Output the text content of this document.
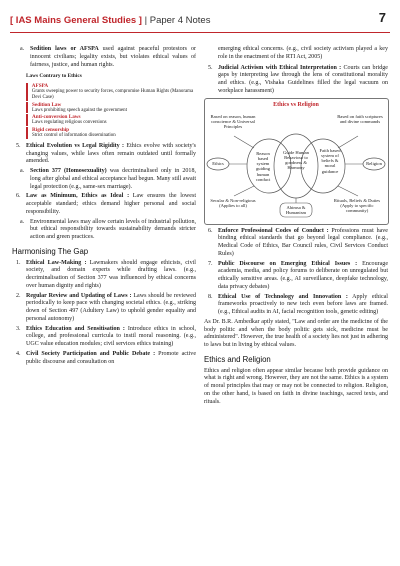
[ IAS Mains General Studies ] | Paper 4 Notes	7
a. Sedition laws or AFSPA used against peaceful protestors or innocent civilians; legality exists, but violates ethical values of fairness, justice, and human rights.
Laws Contrary to Ethics
AFSPA
Grants sweeping power to security forces, compromise Human Rights (Manorama Devi Case)
Sedition Law
Laws prohibiting speech against the government
Anti-conversion Laws
Laws regulating religious conversions
Rigid censorship
Strict control of information dissemination
5. Ethical Evolution vs Legal Rigidity : Ethics evolve with society's changing values, while laws often remain outdated until formally amended.
a. Section 377 (Homosexuality) was decriminalised only in 2018, long after global and ethical acceptance had begun. Many still await legal protection (e.g., same-sex marriage).
6. Law as Minimum, Ethics as Ideal : Law ensures the lowest acceptable standard; ethics demand higher personal and social responsibility.
a. Environmental laws may allow certain levels of industrial pollution, but ethical responsibility towards sustainability demands stricter action and green practices.
Harmonising The Gap
1. Ethical Law-Making : Lawmakers should engage ethicists, civil society, and domain experts while drafting laws. (e.g., decriminalisation of Section 377 was influenced by ethical concerns over human dignity and rights)
2. Regular Review and Updating of Laws : Laws should be reviewed periodically to keep pace with changing societal ethics. (e.g., striking down of Section 497 (Adultery Law) to uphold gender equality and personal autonomy)
3. Ethics Education and Sensitisation : Introduce ethics in school, college, and professional curricula to instil moral reasoning. (e.g., UGC value education modules; civil services ethics training)
4. Civil Society Participation and Public Debate : Promote active public discourse and consultation on

emerging ethical concerns. (e.g., civil society activism played a key role in the enactment of the RTI Act, 2005)

5. Judicial Activism with Ethical Interpretation : Courts can bridge gaps by interpreting law through the lens of constitutional morality and ethics. (e.g., Vishaka Guidelines filled the legal vacuum on workplace harassment)
Ethics vs Religion
Based on reason, human conscience & Universal Principles
Based on faith scriptures and divine commands
Ethics	Religion
Reason based system guiding human conduct
Guide Human Behaviour to goodness & Harmony
Faith based system of beliefs & moral guidance
Ahimsa & Humanism
Secular & Non-religious (Applies to all)
Rituals, Beliefs & Duties (Apply to specific community)
6. Enforce Professional Codes of Conduct : Professions must have binding ethical standards that go beyond legal compliance. (e.g., Medical Code of Ethics, Bar Council rules, Civil Services Conduct Rules)
7. Public Discourse on Emerging Ethical Issues : Encourage academia, media, and policy forums to deliberate on unregulated but ethically sensitive areas. (e.g., AI surveillance, deepfake technology, data privacy debates)
8. Ethical Use of Technology and Innovation : Apply ethical frameworks proactively to new tech even before laws are framed. (e.g., Ethical audits in AI, facial recognition tools, genetic editing)

As Dr. B.R. Ambedkar aptly stated, "Law and order are the medicine of the body politic and when the body politic gets sick, medicine must be administered". However, the true health of a society lies not just in adhering to laws but in living by ethical values.

Ethics and Religion

Ethics and religion often appear similar because both provide guidance on what is right and wrong. However, they are not the same. Ethics is a system of moral principles that may or may not be connected to religion. Religion, on the other hand, is based on faith in divine teachings, sacred texts, and rituals.
